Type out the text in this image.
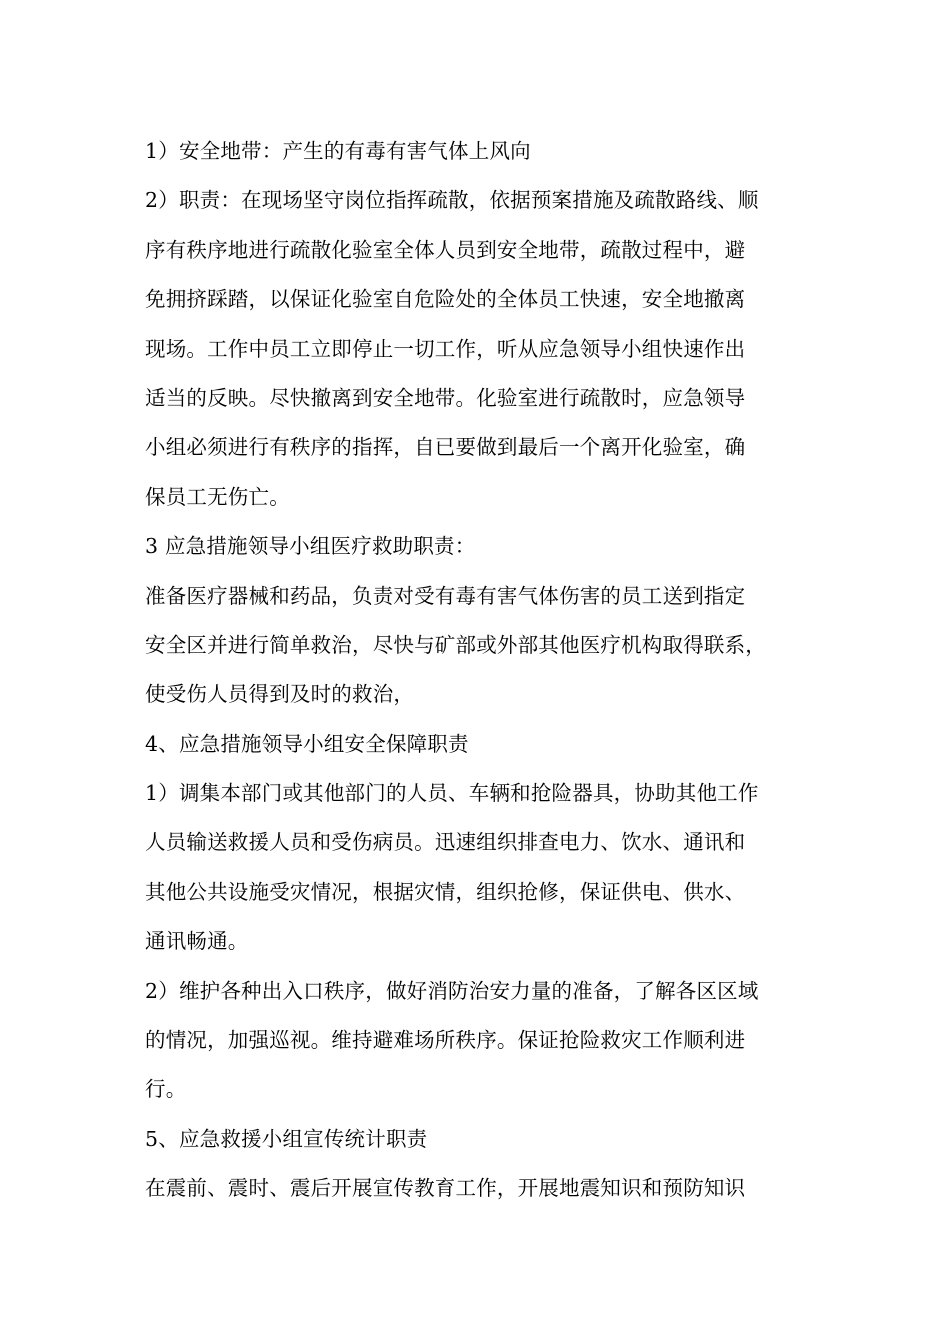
1）安全地带：产生的有毒有害气体上风向
2）职责：在现场坚守岗位指挥疏散，依据预案措施及疏散路线、顺
序有秩序地进行疏散化验室全体人员到安全地带，疏散过程中，避
免拥挤踩踏，以保证化验室自危险处的全体员工快速，安全地撤离
现场。工作中员工立即停止一切工作，听从应急领导小组快速作出
适当的反映。尽快撤离到安全地带。化验室进行疏散时，应急领导
小组必须进行有秩序的指挥，自已要做到最后一个离开化验室，确
保员工无伤亡。
3 应急措施领导小组医疗救助职责：
准备医疗器械和药品，负责对受有毒有害气体伤害的员工送到指定
安全区并进行简单救治，尽快与矿部或外部其他医疗机构取得联系，
使受伤人员得到及时的救治，
4、应急措施领导小组安全保障职责
1）调集本部门或其他部门的人员、车辆和抢险器具，协助其他工作
人员输送救援人员和受伤病员。迅速组织排查电力、饮水、通讯和
其他公共设施受灾情况，根据灾情，组织抢修，保证供电、供水、
通讯畅通。
2）维护各种出入口秩序，做好消防治安力量的准备，了解各区区域
的情况，加强巡视。维持避难场所秩序。保证抢险救灾工作顺利进
行。
5、应急救援小组宣传统计职责
在震前、震时、震后开展宣传教育工作，开展地震知识和预防知识
